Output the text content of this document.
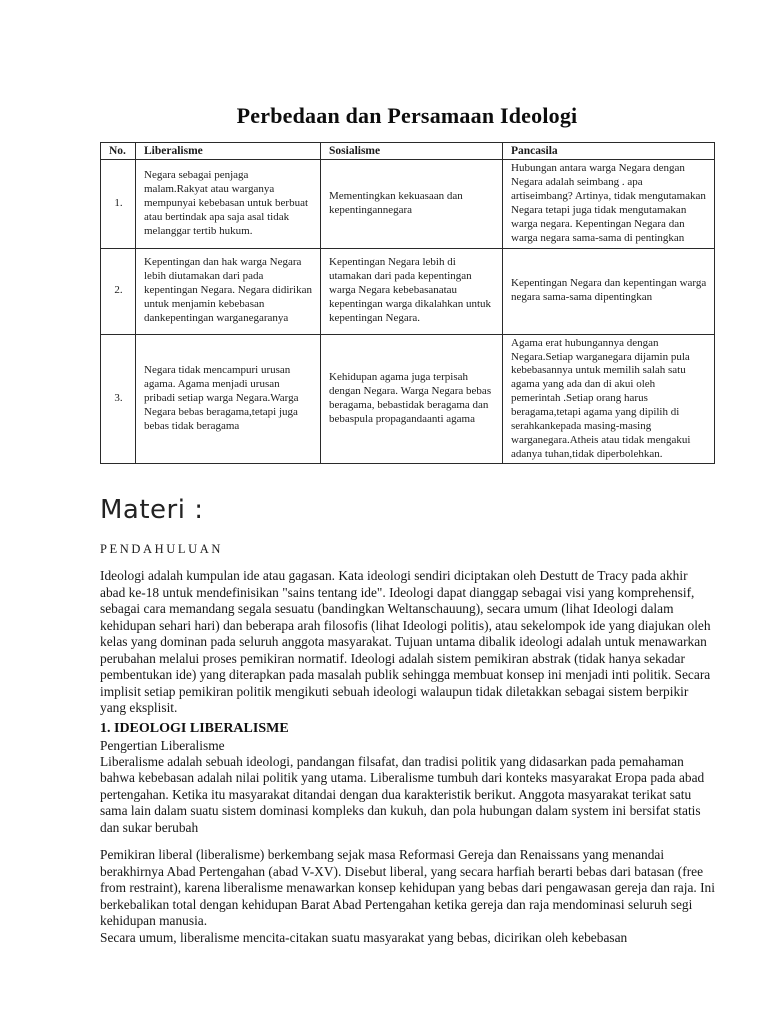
Perbedaan dan Persamaan Ideologi
No.	Liberalisme	Sosialisme	Pancasila
1.	Negara sebagai penjaga malam.Rakyat atau warganya mempunyai kebebasan untuk berbuat atau bertindak apa saja asal tidak melanggar tertib hukum.	Mementingkan kekuasaan dan kepentingannegara	Hubungan antara warga Negara dengan Negara adalah seimbang . apa artiseimbang? Artinya, tidak mengutamakan Negara tetapi juga tidak mengutamakan warga negara. Kepentingan Negara dan warga negara sama-sama di pentingkan
2.	Kepentingan dan hak warga Negara lebih diutamakan dari pada kepentingan Negara. Negara didirikan untuk menjamin kebebasan dankepentingan warganegaranya	Kepentingan Negara lebih di utamakan dari pada kepentingan warga Negara kebebasanatau kepentingan warga dikalahkan untuk kepentingan Negara.	Kepentingan Negara dan kepentingan warga negara sama-sama dipentingkan
3.	Negara tidak mencampuri urusan agama. Agama menjadi urusan pribadi setiap warga Negara.Warga Negara bebas beragama,tetapi juga bebas tidak beragama	Kehidupan agama juga terpisah dengan Negara. Warga Negara bebas beragama, bebastidak beragama dan bebaspula propagandaanti agama	Agama erat hubungannya dengan Negara.Setiap warganegara dijamin pula kebebasannya untuk memilih salah satu agama yang ada dan di akui oleh pemerintah .Setiap orang harus beragama,tetapi agama yang dipilih di serahkankepada masing-masing warganegara.Atheis atau tidak mengakui adanya tuhan,tidak diperbolehkan.
Materi :
PENDAHULUAN

Ideologi adalah kumpulan ide atau gagasan. Kata ideologi sendiri diciptakan oleh Destutt de Tracy pada akhir abad ke-18 untuk mendefinisikan "sains tentang ide". Ideologi dapat dianggap sebagai visi yang komprehensif, sebagai cara memandang segala sesuatu (bandingkan Weltanschauung), secara umum (lihat Ideologi dalam kehidupan sehari hari) dan beberapa arah filosofis (lihat Ideologi politis), atau sekelompok ide yang diajukan oleh kelas yang dominan pada seluruh anggota masyarakat. Tujuan untama dibalik ideologi adalah untuk menawarkan perubahan melalui proses pemikiran normatif. Ideologi adalah sistem pemikiran abstrak (tidak hanya sekadar pembentukan ide) yang diterapkan pada masalah publik sehingga membuat konsep ini menjadi inti politik. Secara implisit setiap pemikiran politik mengikuti sebuah ideologi walaupun tidak diletakkan sebagai sistem berpikir yang eksplisit.

1. IDEOLOGI LIBERALISME
Pengertian Liberalisme

Liberalisme adalah sebuah ideologi, pandangan filsafat, dan tradisi politik yang didasarkan pada pemahaman bahwa kebebasan adalah nilai politik yang utama. Liberalisme tumbuh dari konteks masyarakat Eropa pada abad pertengahan. Ketika itu masyarakat ditandai dengan dua karakteristik berikut. Anggota masyarakat terikat satu sama lain dalam suatu sistem dominasi kompleks dan kukuh, dan pola hubungan dalam system ini bersifat statis dan sukar berubah

Pemikiran liberal (liberalisme) berkembang sejak masa Reformasi Gereja dan Renaissans yang menandai berakhirnya Abad Pertengahan (abad V-XV). Disebut liberal, yang secara harfiah berarti bebas dari batasan (free from restraint), karena liberalisme menawarkan konsep kehidupan yang bebas dari pengawasan gereja dan raja. Ini berkebalikan total dengan kehidupan Barat Abad Pertengahan ketika gereja dan raja mendominasi seluruh segi kehidupan manusia.

Secara umum, liberalisme mencita-citakan suatu masyarakat yang bebas, dicirikan oleh kebebasan
